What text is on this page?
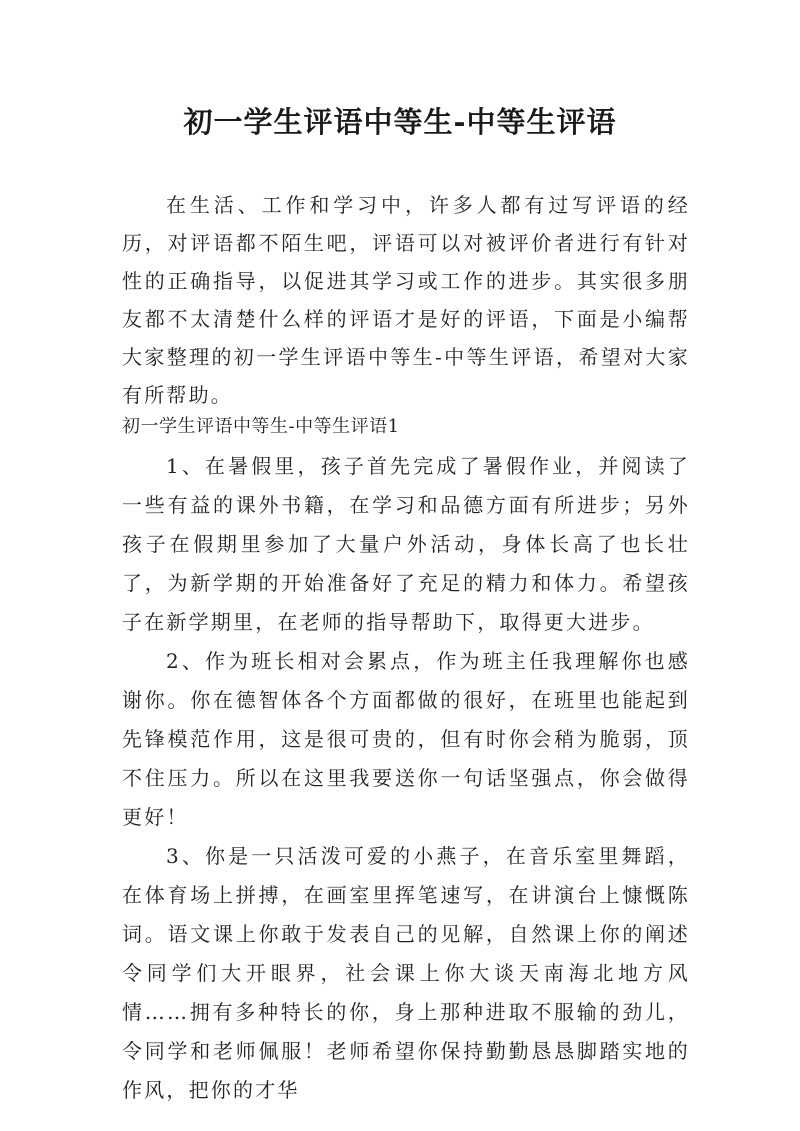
初一学生评语中等生-中等生评语

在生活、工作和学习中，许多人都有过写评语的经历，对评语都不陌生吧，评语可以对被评价者进行有针对性的正确指导，以促进其学习或工作的进步。其实很多朋友都不太清楚什么样的评语才是好的评语，下面是小编帮大家整理的初一学生评语中等生-中等生评语，希望对大家有所帮助。

初一学生评语中等生-中等生评语1

1、在暑假里，孩子首先完成了暑假作业，并阅读了一些有益的课外书籍，在学习和品德方面有所进步；另外孩子在假期里参加了大量户外活动，身体长高了也长壮了，为新学期的开始准备好了充足的精力和体力。希望孩子在新学期里，在老师的指导帮助下，取得更大进步。

2、作为班长相对会累点，作为班主任我理解你也感谢你。你在德智体各个方面都做的很好，在班里也能起到先锋模范作用，这是很可贵的，但有时你会稍为脆弱，顶不住压力。所以在这里我要送你一句话坚强点，你会做得更好！

3、你是一只活泼可爱的小燕子，在音乐室里舞蹈，在体育场上拼搏，在画室里挥笔速写，在讲演台上慷慨陈词。语文课上你敢于发表自己的见解，自然课上你的阐述令同学们大开眼界，社会课上你大谈天南海北地方风情……拥有多种特长的你，身上那种进取不服输的劲儿，令同学和老师佩服！老师希望你保持勤勤恳恳脚踏实地的作风，把你的才华
